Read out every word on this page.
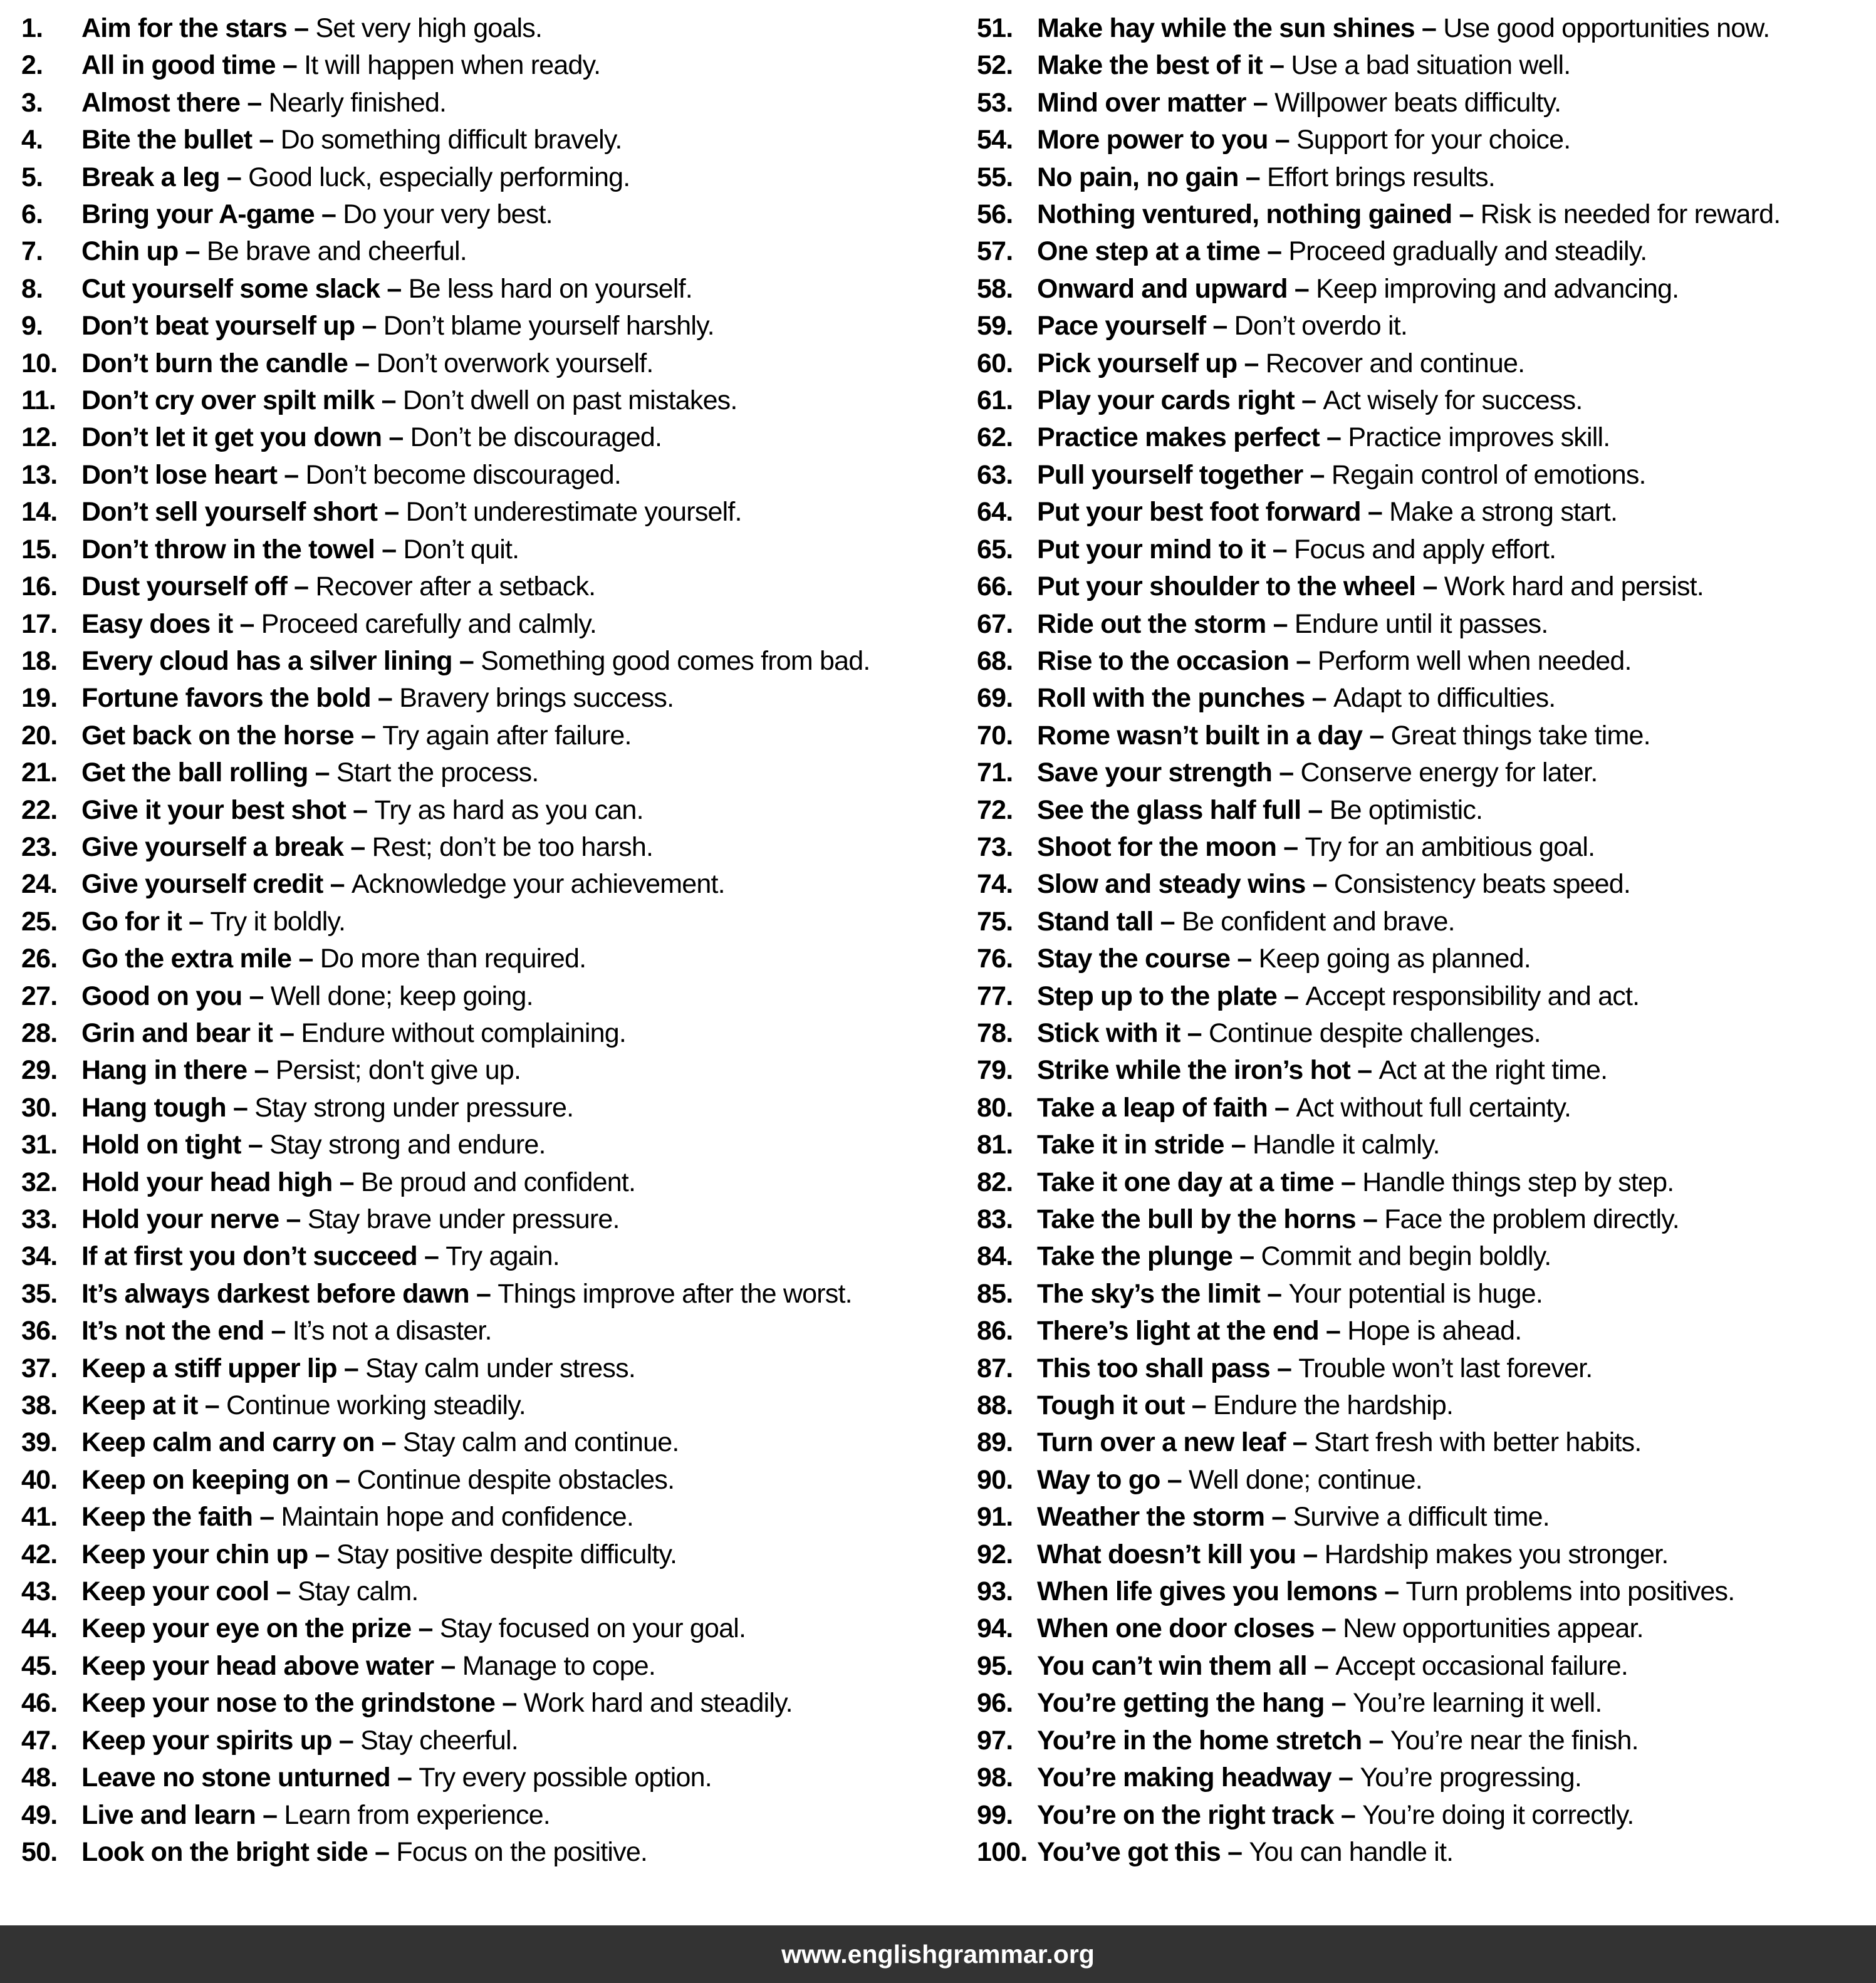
1.	Aim for the stars – Set very high goals.
2.	All in good time – It will happen when ready.
3.	Almost there – Nearly finished.
4.	Bite the bullet – Do something difficult bravely.
5.	Break a leg – Good luck, especially performing.
6.	Bring your A-game – Do your very best.
7.	Chin up – Be brave and cheerful.
8.	Cut yourself some slack – Be less hard on yourself.
9.	Don’t beat yourself up – Don’t blame yourself harshly.
10. Don’t burn the candle – Don’t overwork yourself.
11. Don’t cry over spilt milk – Don’t dwell on past mistakes.
12. Don’t let it get you down – Don’t be discouraged.
13. Don’t lose heart – Don’t become discouraged.
14. Don’t sell yourself short – Don’t underestimate yourself.
15. Don’t throw in the towel – Don’t quit.
16. Dust yourself off – Recover after a setback.
17. Easy does it – Proceed carefully and calmly.
18. Every cloud has a silver lining – Something good comes from bad.
19. Fortune favors the bold – Bravery brings success.
20. Get back on the horse – Try again after failure.
21. Get the ball rolling – Start the process.
22. Give it your best shot – Try as hard as you can.
23. Give yourself a break – Rest; don’t be too harsh.
24. Give yourself credit – Acknowledge your achievement.
25. Go for it – Try it boldly.
26. Go the extra mile – Do more than required.
27. Good on you – Well done; keep going.
28. Grin and bear it – Endure without complaining.
29. Hang in there – Persist; don't give up.
30. Hang tough – Stay strong under pressure.
31. Hold on tight – Stay strong and endure.
32. Hold your head high – Be proud and confident.
33. Hold your nerve – Stay brave under pressure.
34. If at first you don’t succeed – Try again.
35. It’s always darkest before dawn – Things improve after the worst.
36. It’s not the end – It’s not a disaster.
37. Keep a stiff upper lip – Stay calm under stress.
38. Keep at it – Continue working steadily.
39. Keep calm and carry on – Stay calm and continue.
40. Keep on keeping on – Continue despite obstacles.
41. Keep the faith – Maintain hope and confidence.
42. Keep your chin up – Stay positive despite difficulty.
43. Keep your cool – Stay calm.
44. Keep your eye on the prize – Stay focused on your goal.
45. Keep your head above water – Manage to cope.
46. Keep your nose to the grindstone – Work hard and steadily.
47. Keep your spirits up – Stay cheerful.
48. Leave no stone unturned – Try every possible option.
49. Live and learn – Learn from experience.
50. Look on the bright side – Focus on the positive.
51. Make hay while the sun shines – Use good opportunities now.
52. Make the best of it – Use a bad situation well.
53. Mind over matter – Willpower beats difficulty.
54. More power to you – Support for your choice.
55. No pain, no gain – Effort brings results.
56. Nothing ventured, nothing gained – Risk is needed for reward.
57. One step at a time – Proceed gradually and steadily.
58. Onward and upward – Keep improving and advancing.
59. Pace yourself – Don’t overdo it.
60. Pick yourself up – Recover and continue.
61. Play your cards right – Act wisely for success.
62. Practice makes perfect – Practice improves skill.
63. Pull yourself together – Regain control of emotions.
64. Put your best foot forward – Make a strong start.
65. Put your mind to it – Focus and apply effort.
66. Put your shoulder to the wheel – Work hard and persist.
67. Ride out the storm – Endure until it passes.
68. Rise to the occasion – Perform well when needed.
69. Roll with the punches – Adapt to difficulties.
70. Rome wasn’t built in a day – Great things take time.
71. Save your strength – Conserve energy for later.
72. See the glass half full – Be optimistic.
73. Shoot for the moon – Try for an ambitious goal.
74. Slow and steady wins – Consistency beats speed.
75. Stand tall – Be confident and brave.
76. Stay the course – Keep going as planned.
77. Step up to the plate – Accept responsibility and act.
78. Stick with it – Continue despite challenges.
79. Strike while the iron’s hot – Act at the right time.
80. Take a leap of faith – Act without full certainty.
81. Take it in stride – Handle it calmly.
82. Take it one day at a time – Handle things step by step.
83. Take the bull by the horns – Face the problem directly.
84. Take the plunge – Commit and begin boldly.
85. The sky’s the limit – Your potential is huge.
86. There’s light at the end – Hope is ahead.
87. This too shall pass – Trouble won’t last forever.
88. Tough it out – Endure the hardship.
89. Turn over a new leaf – Start fresh with better habits.
90. Way to go – Well done; continue.
91. Weather the storm – Survive a difficult time.
92. What doesn’t kill you – Hardship makes you stronger.
93. When life gives you lemons – Turn problems into positives.
94. When one door closes – New opportunities appear.
95. You can’t win them all – Accept occasional failure.
96. You’re getting the hang – You’re learning it well.
97. You’re in the home stretch – You’re near the finish.
98. You’re making headway – You’re progressing.
99. You’re on the right track – You’re doing it correctly.
100. You’ve got this – You can handle it.
www.englishgrammar.org
